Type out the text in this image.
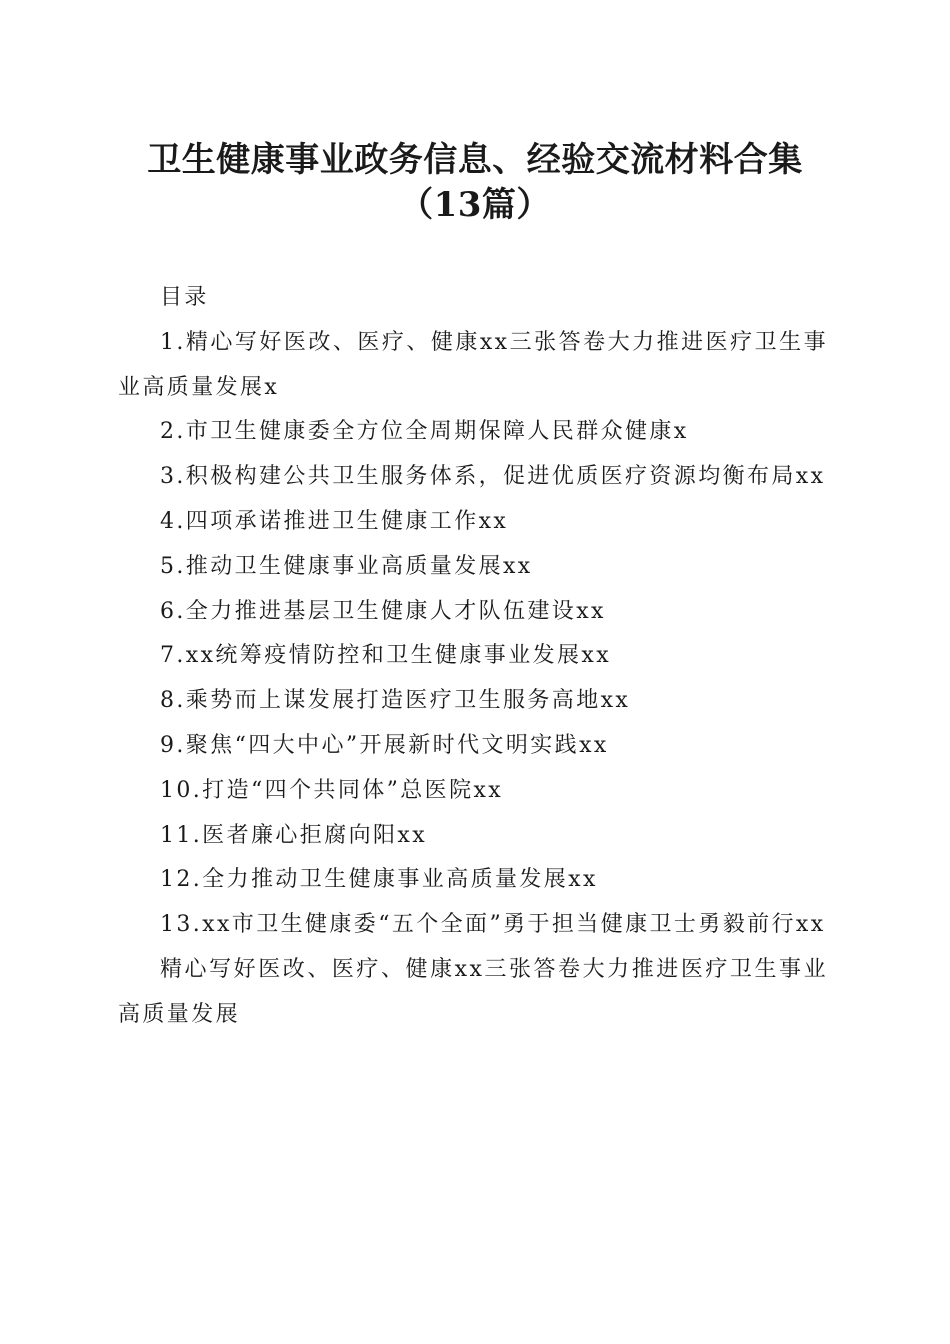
卫生健康事业政务信息、经验交流材料合集
（13篇）

目录

1.精心写好医改、医疗、健康xx三张答卷大力推进医疗卫生事业高质量发展x

2.市卫生健康委全方位全周期保障人民群众健康x

3.积极构建公共卫生服务体系，促进优质医疗资源均衡布局xx

4.四项承诺推进卫生健康工作xx

5.推动卫生健康事业高质量发展xx

6.全力推进基层卫生健康人才队伍建设xx

7.xx统筹疫情防控和卫生健康事业发展xx

8.乘势而上谋发展打造医疗卫生服务高地xx

9.聚焦“四大中心”开展新时代文明实践xx

10.打造“四个共同体”总医院xx

11.医者廉心拒腐向阳xx

12.全力推动卫生健康事业高质量发展xx

13.xx市卫生健康委“五个全面”勇于担当健康卫士勇毅前行xx

精心写好医改、医疗、健康xx三张答卷大力推进医疗卫生事业高质量发展
